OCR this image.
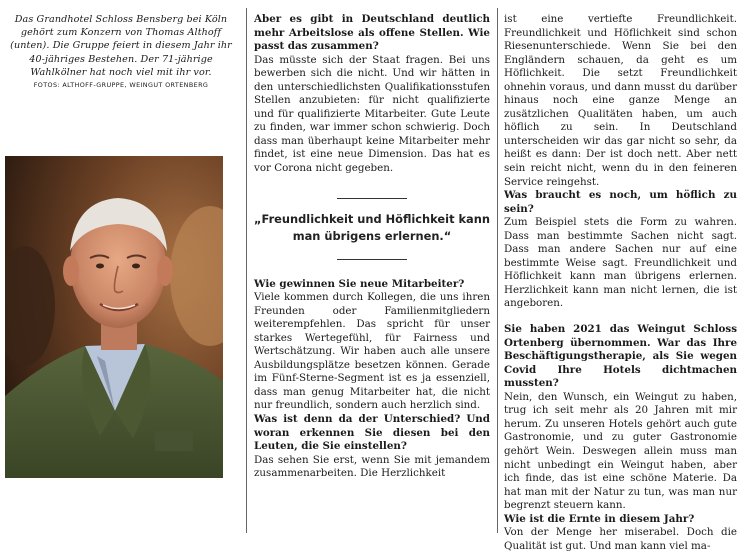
Das Grandhotel Schloss Bensberg bei Köln gehört zum Konzern von Thomas Althoff (unten). Die Gruppe feiert in diesem Jahr ihr 40-jähriges Bestehen. Der 71-jährige Wahlkölner hat noch viel mit ihr vor.
FOTOS: ALTHOFF-GRUPPE, WEINGUT ORTENBERG

Aber es gibt in Deutschland deutlich mehr Arbeitslose als offene Stellen. Wie passt das zusammen?

Das müsste sich der Staat fragen. Bei uns bewerben sich die nicht. Und wir hätten in den unterschiedlichsten Qualifikationsstufen Stellen anzubieten: für nicht qualifizierte und für qualifizierte Mitarbeiter. Gute Leute zu finden, war immer schon schwierig. Doch dass man überhaupt keine Mitarbeiter mehr findet, ist eine neue Dimension. Das hat es vor Corona nicht gegeben.

„Freundlichkeit und Höflichkeit kann man übrigens erlernen.“

Wie gewinnen Sie neue Mitarbeiter?

Viele kommen durch Kollegen, die uns ihren Freunden oder Familienmitgliedern weiterempfehlen. Das spricht für unser starkes Wertegefühl, für Fairness und Wertschätzung. Wir haben auch alle unsere Ausbildungsplätze besetzen können. Gerade im Fünf-Sterne-Segment ist es ja essenziell, dass man genug Mitarbeiter hat, die nicht nur freundlich, sondern auch herzlich sind.

Was ist denn da der Unterschied? Und woran erkennen Sie diesen bei den Leuten, die Sie einstellen?

Das sehen Sie erst, wenn Sie mit jemandem zusammenarbeiten. Die Herzlichkeit

ist eine vertiefte Freundlichkeit. Freundlichkeit und Höflichkeit sind schon Riesenunterschiede. Wenn Sie bei den Engländern schauen, da geht es um Höflichkeit. Die setzt Freundlichkeit ohnehin voraus, und dann musst du darüber hinaus noch eine ganze Menge an zusätzlichen Qualitäten haben, um auch höflich zu sein. In Deutschland unterscheiden wir das gar nicht so sehr, da heißt es dann: Der ist doch nett. Aber nett sein reicht nicht, wenn du in den feineren Service reingehst.

Was braucht es noch, um höflich zu sein?

Zum Beispiel stets die Form zu wahren. Dass man bestimmte Sachen nicht sagt. Dass man andere Sachen nur auf eine bestimmte Weise sagt. Freundlichkeit und Höflichkeit kann man übrigens erlernen. Herzlichkeit kann man nicht lernen, die ist angeboren.

Sie haben 2021 das Weingut Schloss Ortenberg übernommen. War das Ihre Beschäftigungstherapie, als Sie wegen Covid Ihre Hotels dichtmachen mussten?

Nein, den Wunsch, ein Weingut zu haben, trug ich seit mehr als 20 Jahren mit mir herum. Zu unseren Hotels gehört auch gute Gastronomie, und zu guter Gastronomie gehört Wein. Deswegen allein muss man nicht unbedingt ein Weingut haben, aber ich finde, das ist eine schöne Materie. Da hat man mit der Natur zu tun, was man nur begrenzt steuern kann.

Wie ist die Ernte in diesem Jahr?

Von der Menge her miserabel. Doch die Qualität ist gut. Und man kann viel ma-
